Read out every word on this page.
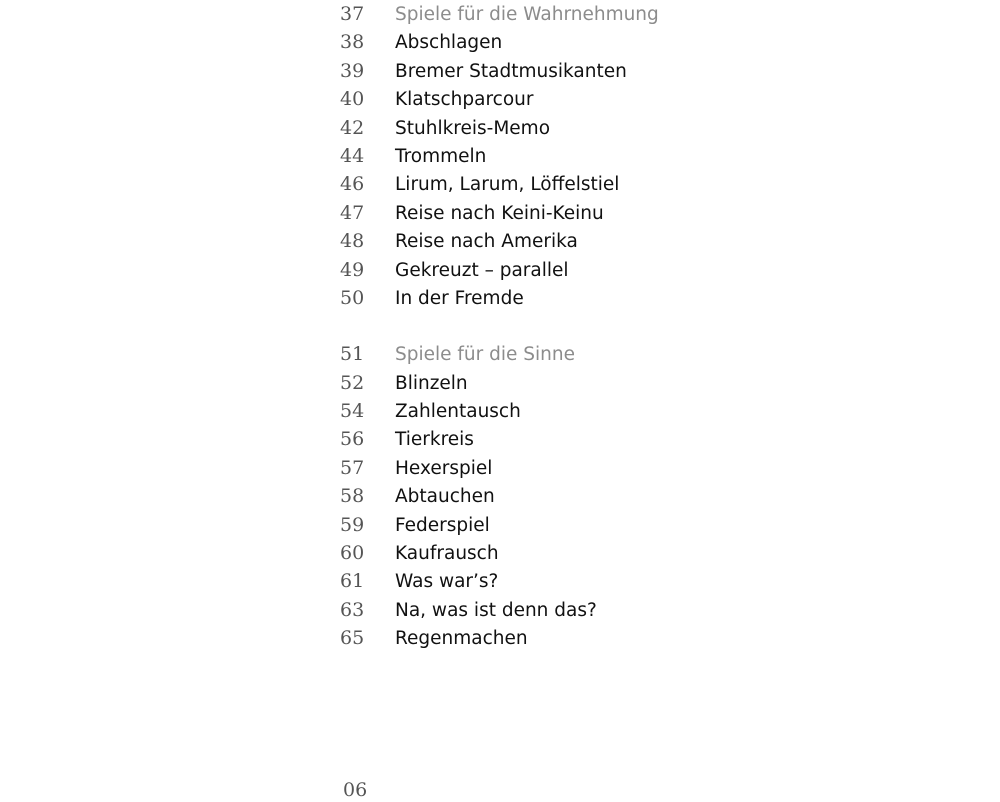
37	Spiele für die Wahrnehmung
38	Abschlagen
39	Bremer Stadtmusikanten
40	Klatschparcour
42	Stuhlkreis-Memo
44	Trommeln
46	Lirum, Larum, Löffelstiel
47	Reise nach Keini-Keinu
48	Reise nach Amerika
49	Gekreuzt – parallel
50	In der Fremde
51	Spiele für die Sinne
52	Blinzeln
54	Zahlentausch
56	Tierkreis
57	Hexerspiel
58	Abtauchen
59	Federspiel
60	Kaufrausch
61	Was war’s?
63	Na, was ist denn das?
65	Regenmachen
06
